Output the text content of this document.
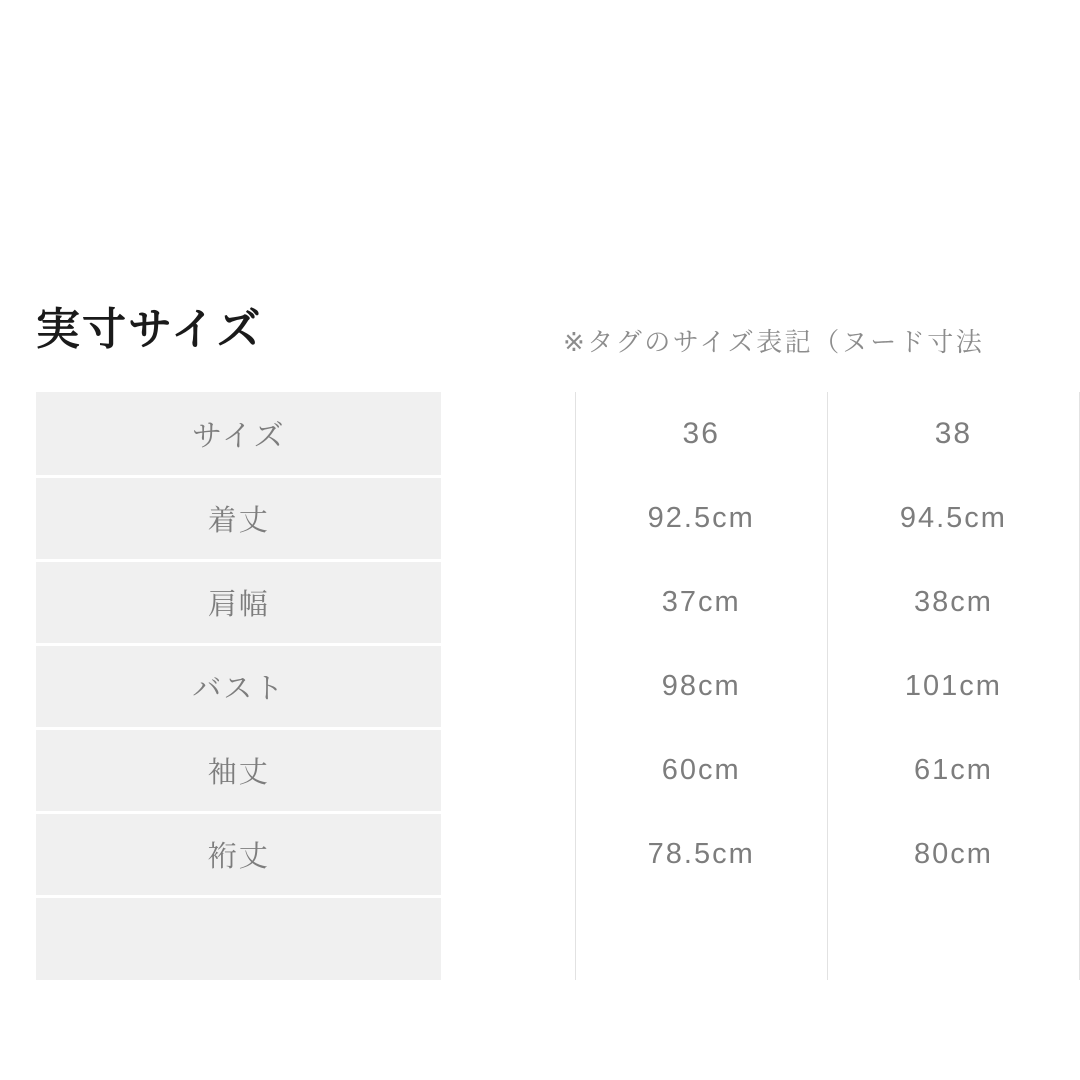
実寸サイズ	※タグのサイズ表記（ヌード寸法
サイズ		36	38
着丈		92.5cm	94.5cm
肩幅		37cm	38cm
バスト		98cm	101cm
袖丈		60cm	61cm
裄丈		78.5cm	80cm
